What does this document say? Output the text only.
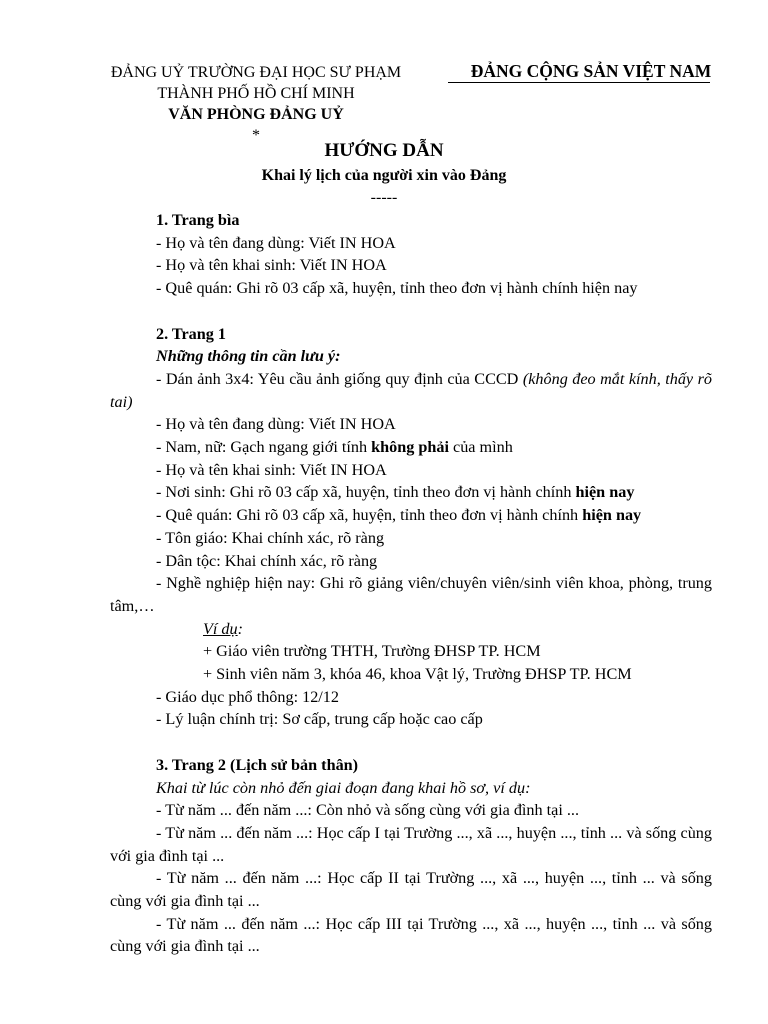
ĐẢNG UỶ TRƯỜNG ĐẠI HỌC SƯ PHẠM
THÀNH PHỐ HỒ CHÍ MINH
VĂN PHÒNG ĐẢNG UỶ
*
ĐẢNG CỘNG SẢN VIỆT NAM
HƯỚNG DẪN
Khai lý lịch của người xin vào Đảng
-----

1. Trang bìa

- Họ và tên đang dùng: Viết IN HOA

- Họ và tên khai sinh: Viết IN HOA

- Quê quán: Ghi rõ 03 cấp xã, huyện, tỉnh theo đơn vị hành chính hiện nay

2. Trang 1

Những thông tin cần lưu ý:

- Dán ảnh 3x4: Yêu cầu ảnh giống quy định của CCCD (không đeo mắt kính, thấy rõ tai)

- Họ và tên đang dùng: Viết IN HOA

- Nam, nữ: Gạch ngang giới tính không phải của mình

- Họ và tên khai sinh: Viết IN HOA

- Nơi sinh: Ghi rõ 03 cấp xã, huyện, tỉnh theo đơn vị hành chính hiện nay

- Quê quán: Ghi rõ 03 cấp xã, huyện, tỉnh theo đơn vị hành chính hiện nay

- Tôn giáo: Khai chính xác, rõ ràng

- Dân tộc: Khai chính xác, rõ ràng

- Nghề nghiệp hiện nay: Ghi rõ giảng viên/chuyên viên/sinh viên khoa, phòng, trung tâm,…

Ví dụ:

+ Giáo viên trường THTH, Trường ĐHSP TP. HCM

+ Sinh viên năm 3, khóa 46, khoa Vật lý, Trường ĐHSP TP. HCM

- Giáo dục phổ thông: 12/12

- Lý luận chính trị: Sơ cấp, trung cấp hoặc cao cấp

3. Trang 2 (Lịch sử bản thân)

Khai từ lúc còn nhỏ đến giai đoạn đang khai hồ sơ, ví dụ:

- Từ năm ... đến năm ...: Còn nhỏ và sống cùng với gia đình tại ...

- Từ năm ... đến năm ...: Học cấp I tại Trường ..., xã ..., huyện ..., tỉnh ... và sống cùng với gia đình tại ...

- Từ năm ... đến năm ...: Học cấp II tại Trường ..., xã ..., huyện ..., tỉnh ... và sống cùng với gia đình tại ...

- Từ năm ... đến năm ...: Học cấp III tại Trường ..., xã ..., huyện ..., tỉnh ... và sống cùng với gia đình tại ...
